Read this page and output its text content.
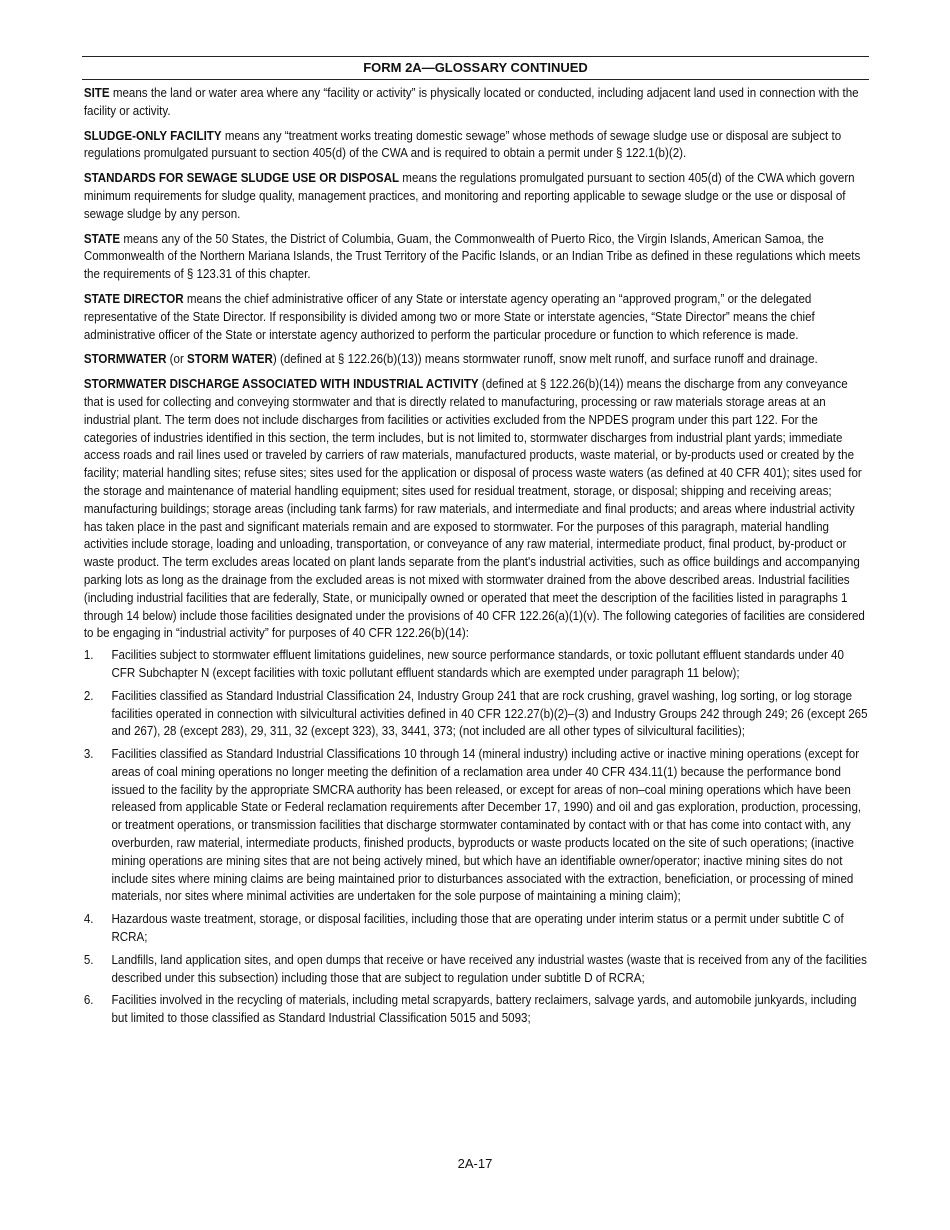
FORM 2A—GLOSSARY CONTINUED

SITE means the land or water area where any “facility or activity” is physically located or conducted, including adjacent land used in connection with the facility or activity.

SLUDGE-ONLY FACILITY means any “treatment works treating domestic sewage” whose methods of sewage sludge use or disposal are subject to regulations promulgated pursuant to section 405(d) of the CWA and is required to obtain a permit under § 122.1(b)(2).

STANDARDS FOR SEWAGE SLUDGE USE OR DISPOSAL means the regulations promulgated pursuant to section 405(d) of the CWA which govern minimum requirements for sludge quality, management practices, and monitoring and reporting applicable to sewage sludge or the use or disposal of sewage sludge by any person.

STATE means any of the 50 States, the District of Columbia, Guam, the Commonwealth of Puerto Rico, the Virgin Islands, American Samoa, the Commonwealth of the Northern Mariana Islands, the Trust Territory of the Pacific Islands, or an Indian Tribe as defined in these regulations which meets the requirements of § 123.31 of this chapter.

STATE DIRECTOR means the chief administrative officer of any State or interstate agency operating an “approved program,” or the delegated representative of the State Director. If responsibility is divided among two or more State or interstate agencies, “State Director” means the chief administrative officer of the State or interstate agency authorized to perform the particular procedure or function to which reference is made.

STORMWATER (or STORM WATER) (defined at § 122.26(b)(13)) means stormwater runoff, snow melt runoff, and surface runoff and drainage.

STORMWATER DISCHARGE ASSOCIATED WITH INDUSTRIAL ACTIVITY (defined at § 122.26(b)(14)) means the discharge from any conveyance that is used for collecting and conveying stormwater and that is directly related to manufacturing, processing or raw materials storage areas at an industrial plant. The term does not include discharges from facilities or activities excluded from the NPDES program under this part 122. For the categories of industries identified in this section, the term includes, but is not limited to, stormwater discharges from industrial plant yards; immediate access roads and rail lines used or traveled by carriers of raw materials, manufactured products, waste material, or by-products used or created by the facility; material handling sites; refuse sites; sites used for the application or disposal of process waste waters (as defined at 40 CFR 401); sites used for the storage and maintenance of material handling equipment; sites used for residual treatment, storage, or disposal; shipping and receiving areas; manufacturing buildings; storage areas (including tank farms) for raw materials, and intermediate and final products; and areas where industrial activity has taken place in the past and significant materials remain and are exposed to stormwater. For the purposes of this paragraph, material handling activities include storage, loading and unloading, transportation, or conveyance of any raw material, intermediate product, final product, by-product or waste product. The term excludes areas located on plant lands separate from the plant's industrial activities, such as office buildings and accompanying parking lots as long as the drainage from the excluded areas is not mixed with stormwater drained from the above described areas. Industrial facilities (including industrial facilities that are federally, State, or municipally owned or operated that meet the description of the facilities listed in paragraphs 1 through 14 below) include those facilities designated under the provisions of 40 CFR 122.26(a)(1)(v). The following categories of facilities are considered to be engaging in “industrial activity” for purposes of 40 CFR 122.26(b)(14):

1. Facilities subject to stormwater effluent limitations guidelines, new source performance standards, or toxic pollutant effluent standards under 40 CFR Subchapter N (except facilities with toxic pollutant effluent standards which are exempted under paragraph 11 below);
2. Facilities classified as Standard Industrial Classification 24, Industry Group 241 that are rock crushing, gravel washing, log sorting, or log storage facilities operated in connection with silvicultural activities defined in 40 CFR 122.27(b)(2)–(3) and Industry Groups 242 through 249; 26 (except 265 and 267), 28 (except 283), 29, 311, 32 (except 323), 33, 3441, 373; (not included are all other types of silvicultural facilities);
3. Facilities classified as Standard Industrial Classifications 10 through 14 (mineral industry) including active or inactive mining operations (except for areas of coal mining operations no longer meeting the definition of a reclamation area under 40 CFR 434.11(1) because the performance bond issued to the facility by the appropriate SMCRA authority has been released, or except for areas of non–coal mining operations which have been released from applicable State or Federal reclamation requirements after December 17, 1990) and oil and gas exploration, production, processing, or treatment operations, or transmission facilities that discharge stormwater contaminated by contact with or that has come into contact with, any overburden, raw material, intermediate products, finished products, byproducts or waste products located on the site of such operations; (inactive mining operations are mining sites that are not being actively mined, but which have an identifiable owner/operator; inactive mining sites do not include sites where mining claims are being maintained prior to disturbances associated with the extraction, beneficiation, or processing of mined materials, nor sites where minimal activities are undertaken for the sole purpose of maintaining a mining claim);
4. Hazardous waste treatment, storage, or disposal facilities, including those that are operating under interim status or a permit under subtitle C of RCRA;
5. Landfills, land application sites, and open dumps that receive or have received any industrial wastes (waste that is received from any of the facilities described under this subsection) including those that are subject to regulation under subtitle D of RCRA;
6. Facilities involved in the recycling of materials, including metal scrapyards, battery reclaimers, salvage yards, and automobile junkyards, including but limited to those classified as Standard Industrial Classification 5015 and 5093;
2A-17
